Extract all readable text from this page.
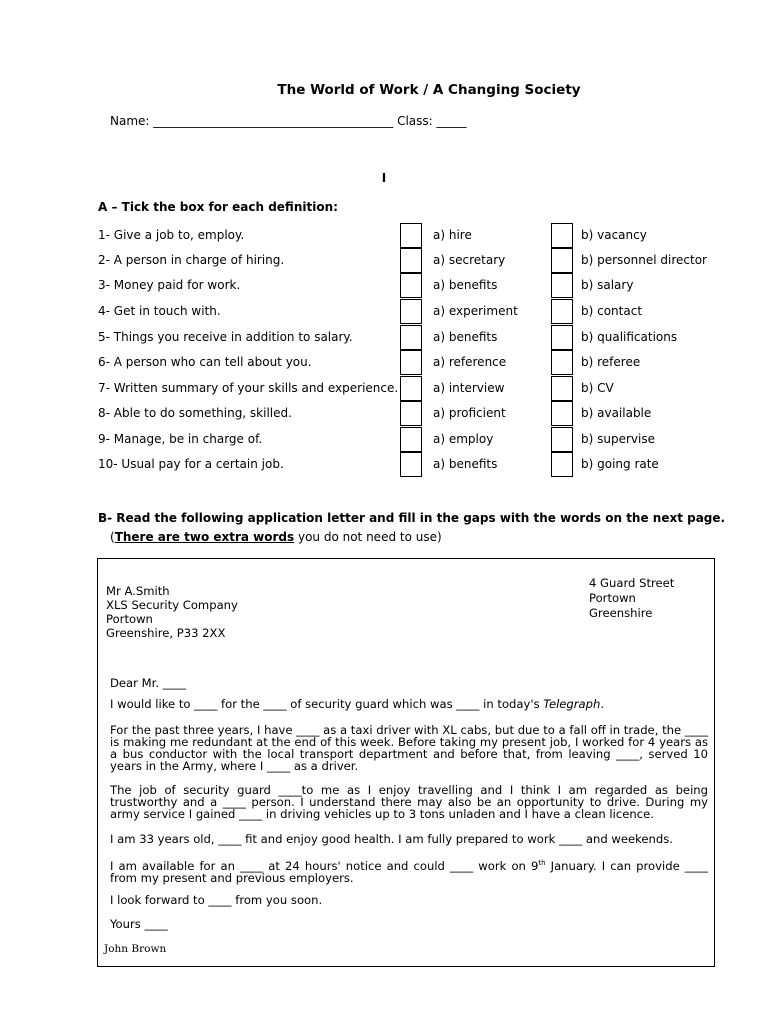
The World of Work / A Changing Society
Name: ________________________________________ Class: _____
I
A – Tick the box for each definition:
1- Give a job to, employ.	a) hire	b) vacancy
2- A person in charge of hiring.	a) secretary	b) personnel director
3- Money paid for work.	a) benefits	b) salary
4- Get in touch with.	a) experiment	b) contact
5- Things you receive in addition to salary.	a) benefits	b) qualifications
6- A person who can tell about you.	a) reference	b) referee
7- Written summary of your skills and experience.	a) interview	b) CV
8- Able to do something, skilled.	a) proficient	b) available
9- Manage, be in charge of.	a) employ	b) supervise
10- Usual pay for a certain job.	a) benefits	b) going rate
B- Read the following application letter and fill in the gaps with the words on the next page.
(There are two extra words you do not need to use)
Mr A.Smith
XLS Security Company
Portown
Greenshire, P33 2XX
4 Guard Street
Portown
Greenshire
Dear Mr. ____
I would like to ____ for the ____ of security guard which was ____ in today's Telegraph.
For the past three years, I have ____ as a taxi driver with XL cabs, but due to a fall off in trade, the ____ is making me redundant at the end of this week. Before taking my present job, I worked for 4 years as a bus conductor with the local transport department and before that, from leaving ____, served 10 years in the Army, where I ____ as a driver.
The job of security guard ____to me as I enjoy travelling and I think I am regarded as being trustworthy and a ____ person. I understand there may also be an opportunity to drive. During my army service I gained ____ in driving vehicles up to 3 tons unladen and I have a clean licence.
I am 33 years old, ____ fit and enjoy good health. I am fully prepared to work ____ and weekends.
I am available for an ____ at 24 hours' notice and could ____ work on 9th January. I can provide ____ from my present and previous employers.
I look forward to ____ from you soon.
Yours ____
John Brown
